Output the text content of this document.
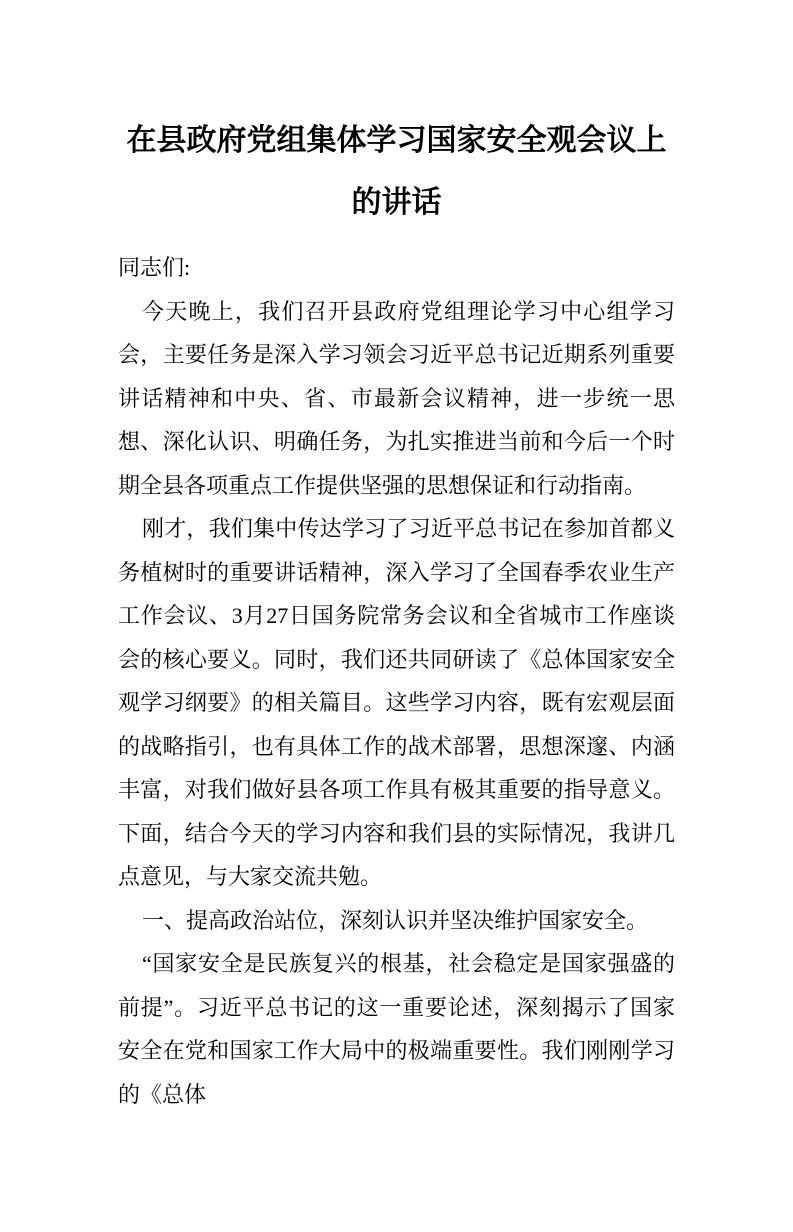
在县政府党组集体学习国家安全观会议上的讲话

同志们:

今天晚上，我们召开县政府党组理论学习中心组学习会，主要任务是深入学习领会习近平总书记近期系列重要讲话精神和中央、省、市最新会议精神，进一步统一思想、深化认识、明确任务，为扎实推进当前和今后一个时期全县各项重点工作提供坚强的思想保证和行动指南。

刚才，我们集中传达学习了习近平总书记在参加首都义务植树时的重要讲话精神，深入学习了全国春季农业生产工作会议、3月27日国务院常务会议和全省城市工作座谈会的核心要义。同时，我们还共同研读了《总体国家安全观学习纲要》的相关篇目。这些学习内容，既有宏观层面的战略指引，也有具体工作的战术部署，思想深邃、内涵丰富，对我们做好县各项工作具有极其重要的指导意义。下面，结合今天的学习内容和我们县的实际情况，我讲几点意见，与大家交流共勉。

一、提高政治站位，深刻认识并坚决维护国家安全。

“国家安全是民族复兴的根基，社会稳定是国家强盛的前提”。习近平总书记的这一重要论述，深刻揭示了国家安全在党和国家工作大局中的极端重要性。我们刚刚学习的《总体
